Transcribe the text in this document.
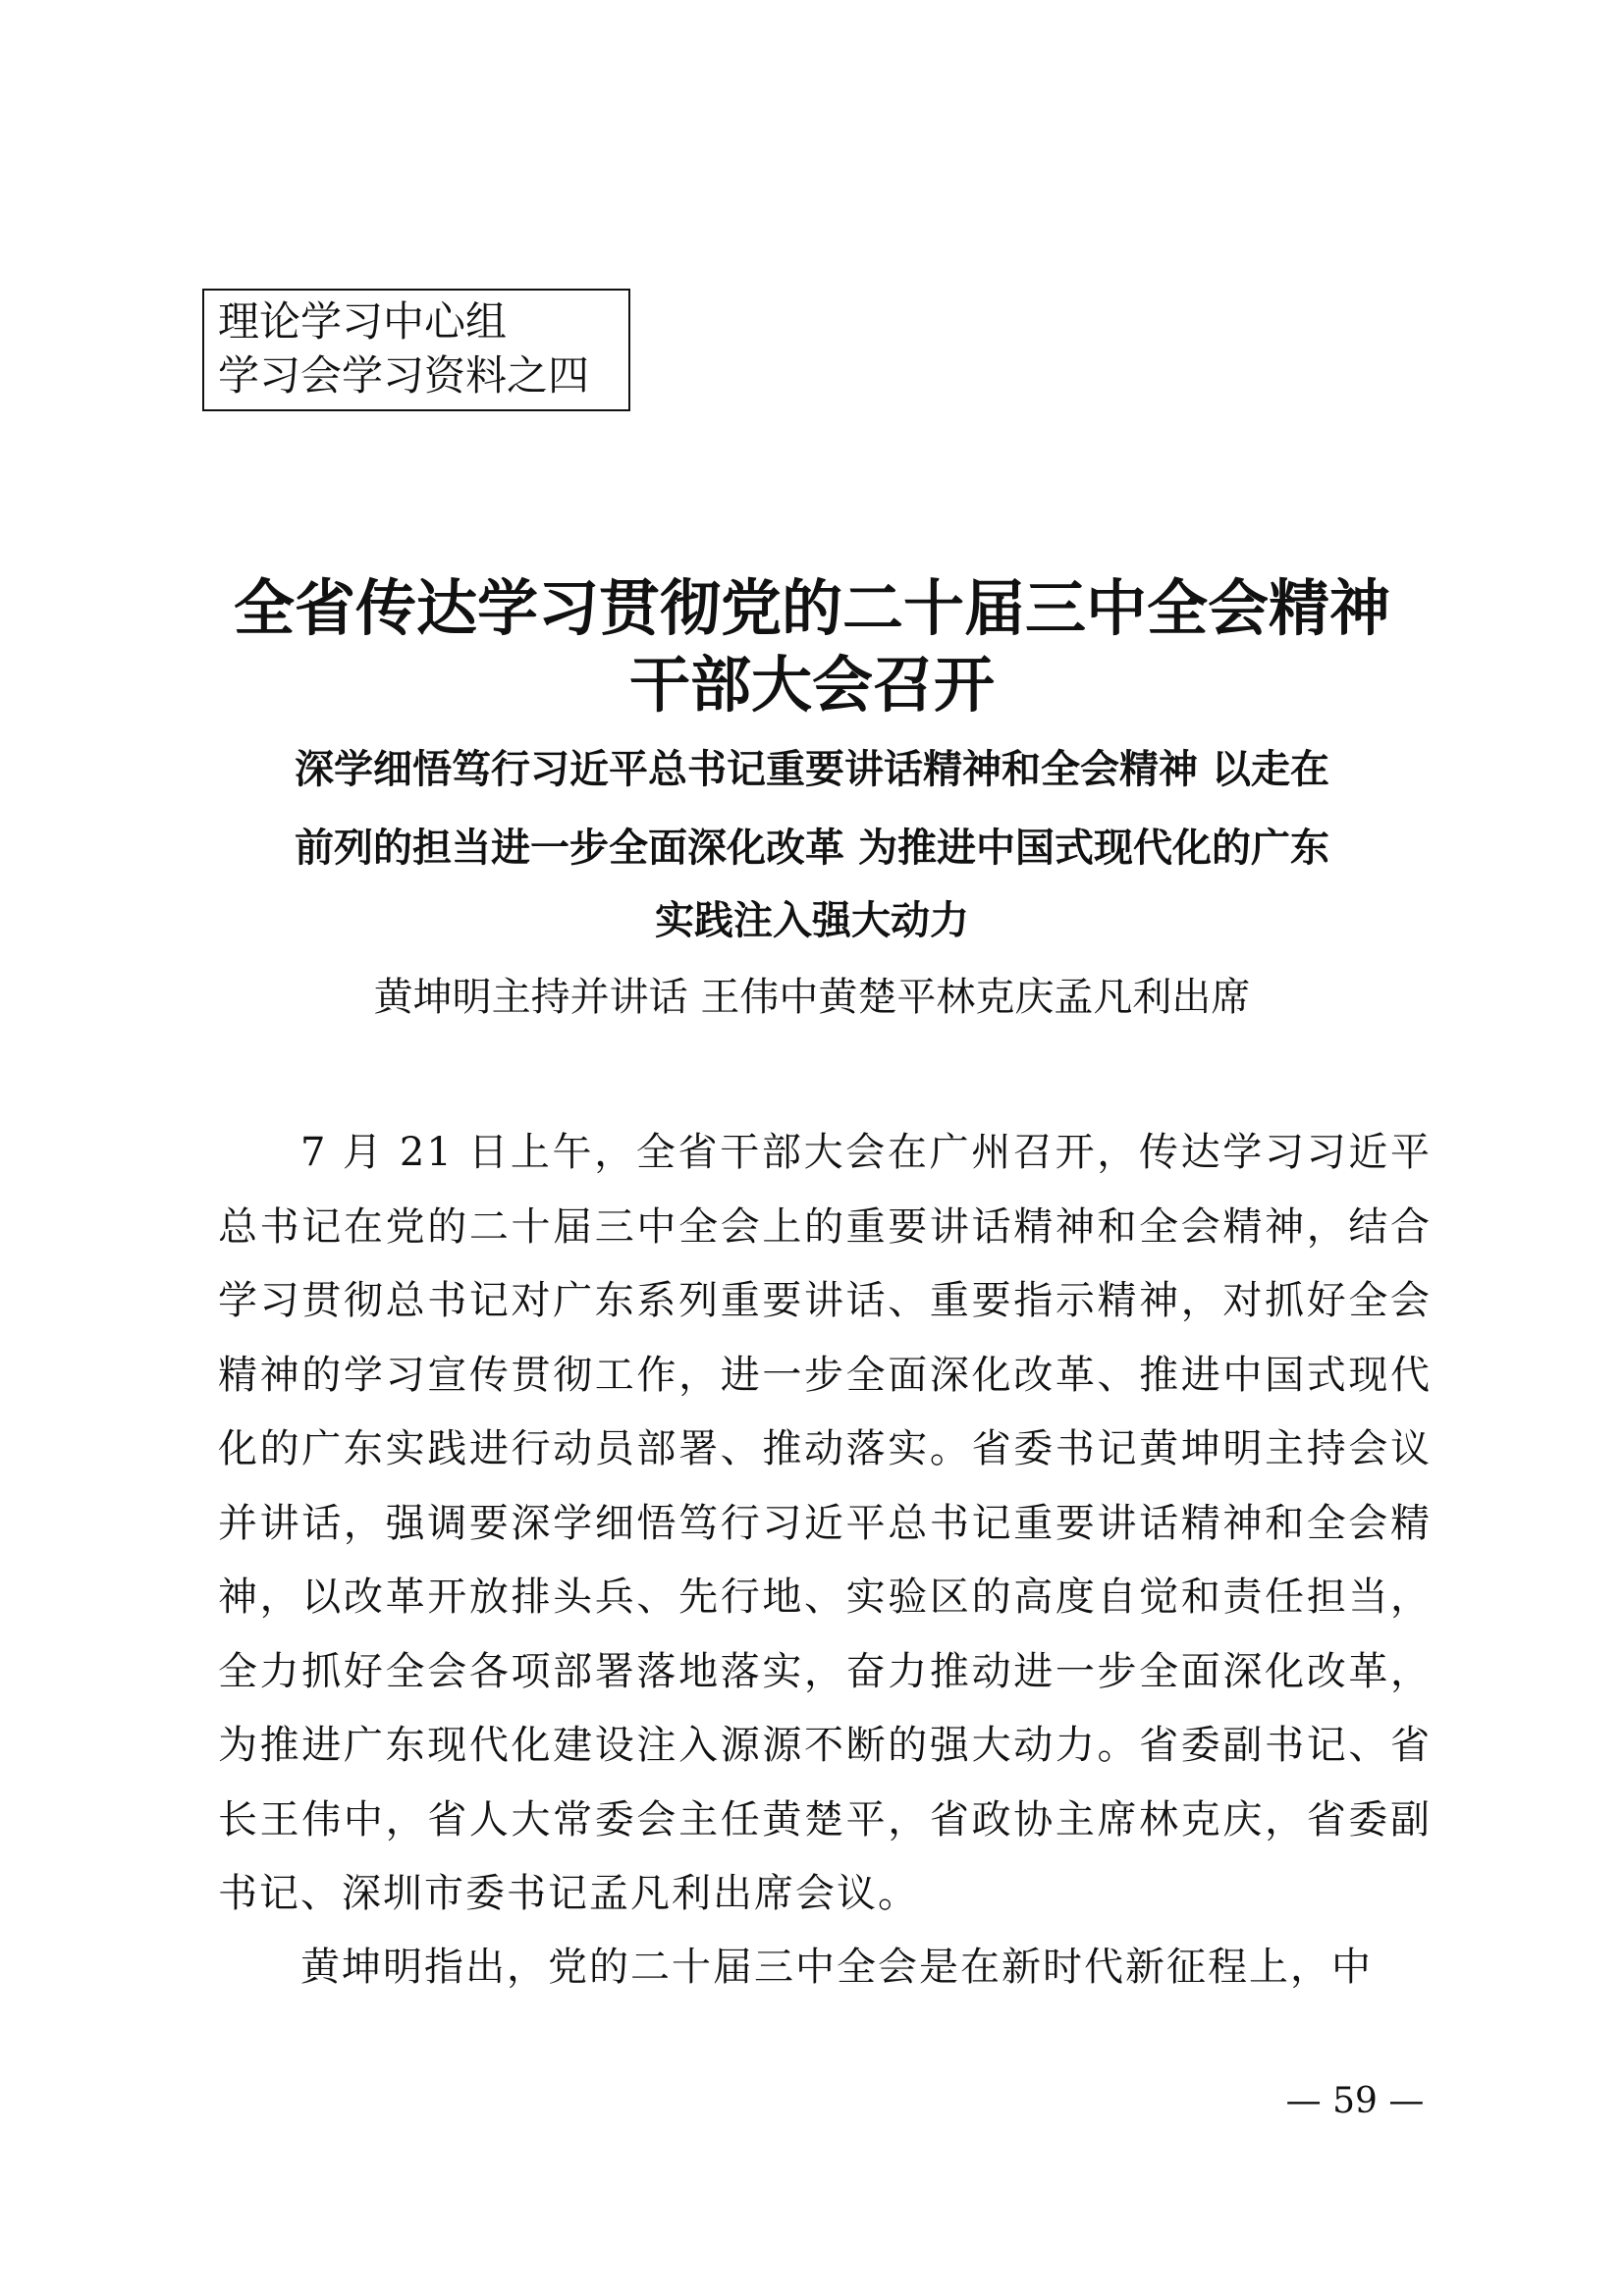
理论学习中心组
学习会学习资料之四
全省传达学习贯彻党的二十届三中全会精神
干部大会召开
深学细悟笃行习近平总书记重要讲话精神和全会精神 以走在
前列的担当进一步全面深化改革 为推进中国式现代化的广东
实践注入强大动力
黄坤明主持并讲话 王伟中黄楚平林克庆孟凡利出席

7 月 21 日上午，全省干部大会在广州召开，传达学习习近平总书记在党的二十届三中全会上的重要讲话精神和全会精神，结合学习贯彻总书记对广东系列重要讲话、重要指示精神，对抓好全会精神的学习宣传贯彻工作，进一步全面深化改革、推进中国式现代化的广东实践进行动员部署、推动落实。省委书记黄坤明主持会议并讲话，强调要深学细悟笃行习近平总书记重要讲话精神和全会精神，以改革开放排头兵、先行地、实验区的高度自觉和责任担当，全力抓好全会各项部署落地落实，奋力推动进一步全面深化改革，为推进广东现代化建设注入源源不断的强大动力。省委副书记、省长王伟中，省人大常委会主任黄楚平，省政协主席林克庆，省委副书记、深圳市委书记孟凡利出席会议。

黄坤明指出，党的二十届三中全会是在新时代新征程上，中

— 59 —
